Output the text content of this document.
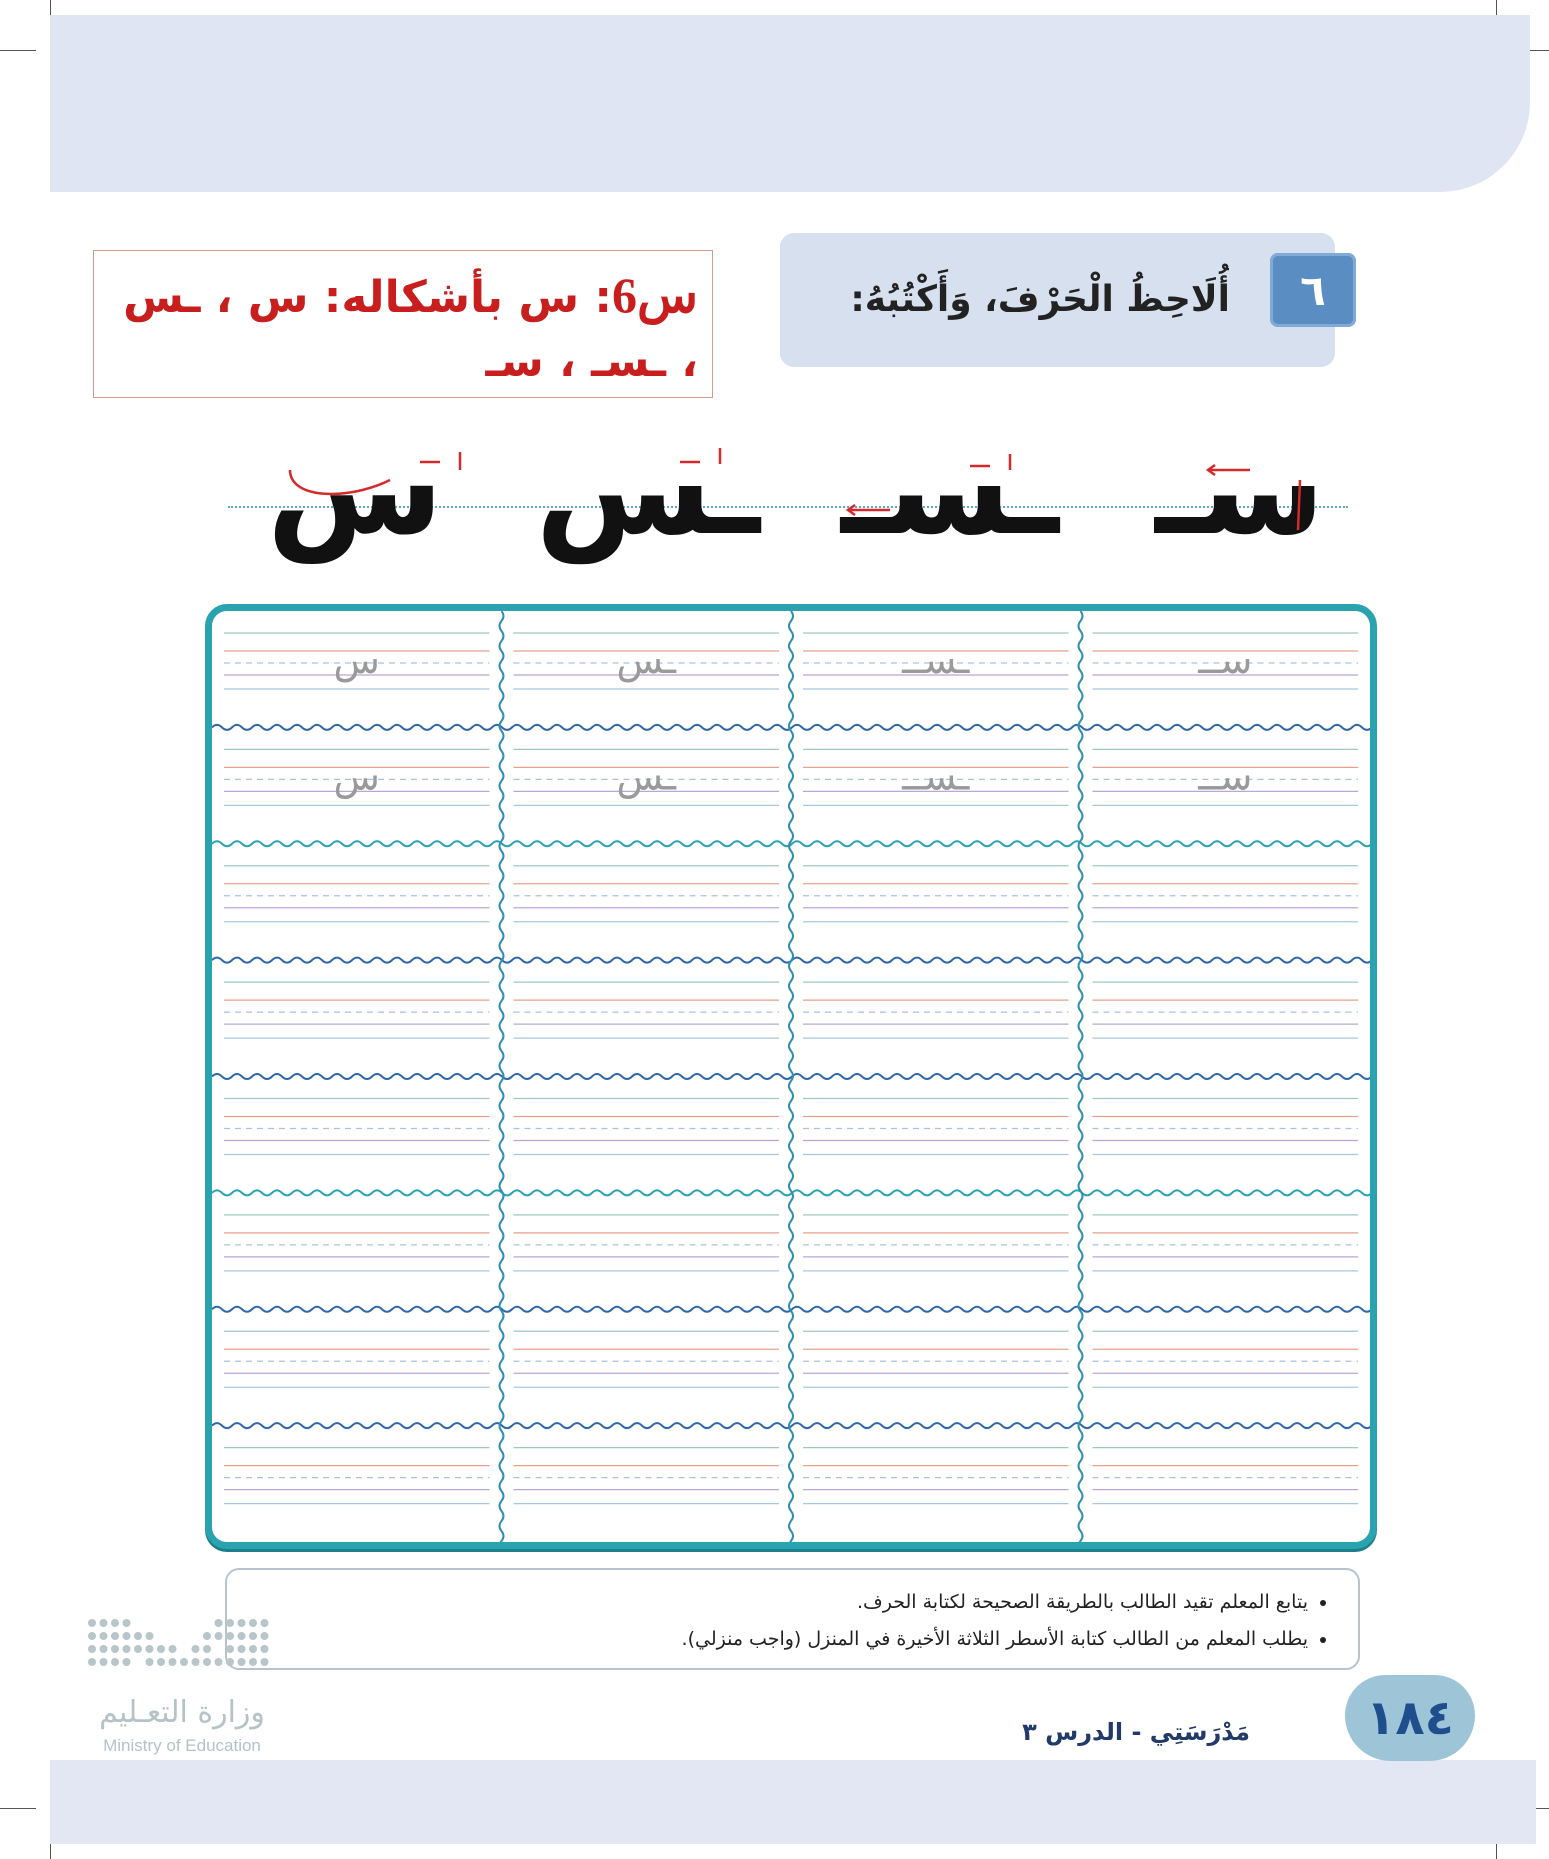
س6: س بأشكاله: س ، ـس ، ـسـ ، سـ
٦
أُلَاحِظُ الْحَرْفَ، وَأَكْتُبُهُ:
سـ
ـسـ
ـس
س
ســ
ـســ
ـس
س
ســ
ـســ
ـس
س
• يتابع المعلم تقيد الطالب بالطريقة الصحيحة لكتابة الحرف.
• يطلب المعلم من الطالب كتابة الأسطر الثلاثة الأخيرة في المنزل (واجب منزلي).
وزارة التعـليم
Ministry of Education	مَدْرَسَتِي - الدرس ٣	١٨٤
